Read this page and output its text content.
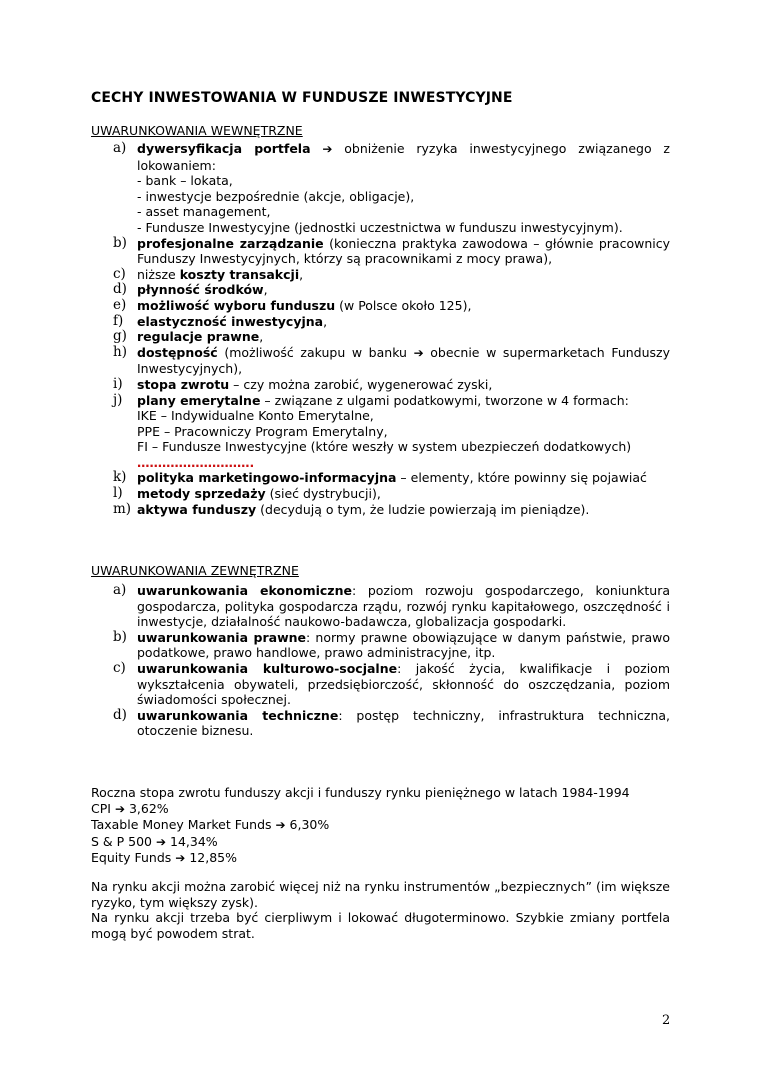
CECHY INWESTOWANIA W FUNDUSZE INWESTYCYJNE
UWARUNKOWANIA WEWNĘTRZNE
a) dywersyfikacja portfela ➔ obniżenie ryzyka inwestycyjnego związanego z lokowaniem:
- bank – lokata,
- inwestycje bezpośrednie (akcje, obligacje),
- asset management,
- Fundusze Inwestycyjne (jednostki uczestnictwa w funduszu inwestycyjnym).
b) profesjonalne zarządzanie (konieczna praktyka zawodowa – głównie pracownicy Funduszy Inwestycyjnych, którzy są pracownikami z mocy prawa),
c) niższe koszty transakcji,
d) płynność środków,
e) możliwość wyboru funduszu (w Polsce około 125),
f) elastyczność inwestycyjna,
g) regulacje prawne,
h) dostępność (możliwość zakupu w banku ➔ obecnie w supermarketach Funduszy Inwestycyjnych),
i) stopa zwrotu – czy można zarobić, wygenerować zyski,
j) plany emerytalne – związane z ulgami podatkowymi, tworzone w 4 formach:
IKE – Indywidualne Konto Emerytalne,
PPE – Pracowniczy Program Emerytalny,
FI – Fundusze Inwestycyjne (które weszły w system ubezpieczeń dodatkowych)
……………………….
k) polityka marketingowo-informacyjna – elementy, które powinny się pojawiać
l) metody sprzedaży (sieć dystrybucji),
m) aktywa funduszy (decydują o tym, że ludzie powierzają im pieniądze).
UWARUNKOWANIA ZEWNĘTRZNE
a) uwarunkowania ekonomiczne: poziom rozwoju gospodarczego, koniunktura gospodarcza, polityka gospodarcza rządu, rozwój rynku kapitałowego, oszczędność i inwestycje, działalność naukowo-badawcza, globalizacja gospodarki.
b) uwarunkowania prawne: normy prawne obowiązujące w danym państwie, prawo podatkowe, prawo handlowe, prawo administracyjne, itp.
c) uwarunkowania kulturowo-socjalne: jakość życia, kwalifikacje i poziom wykształcenia obywateli, przedsiębiorczość, skłonność do oszczędzania, poziom świadomości społecznej.
d) uwarunkowania techniczne: postęp techniczny, infrastruktura techniczna, otoczenie biznesu.
Roczna stopa zwrotu funduszy akcji i funduszy rynku pieniężnego w latach 1984-1994
CPI ➔ 3,62%
Taxable Money Market Funds ➔ 6,30%
S & P 500 ➔ 14,34%
Equity Funds ➔ 12,85%
Na rynku akcji można zarobić więcej niż na rynku instrumentów „bezpiecznych” (im większe ryzyko, tym większy zysk).
Na rynku akcji trzeba być cierpliwym i lokować długoterminowo. Szybkie zmiany portfela mogą być powodem strat.
2
